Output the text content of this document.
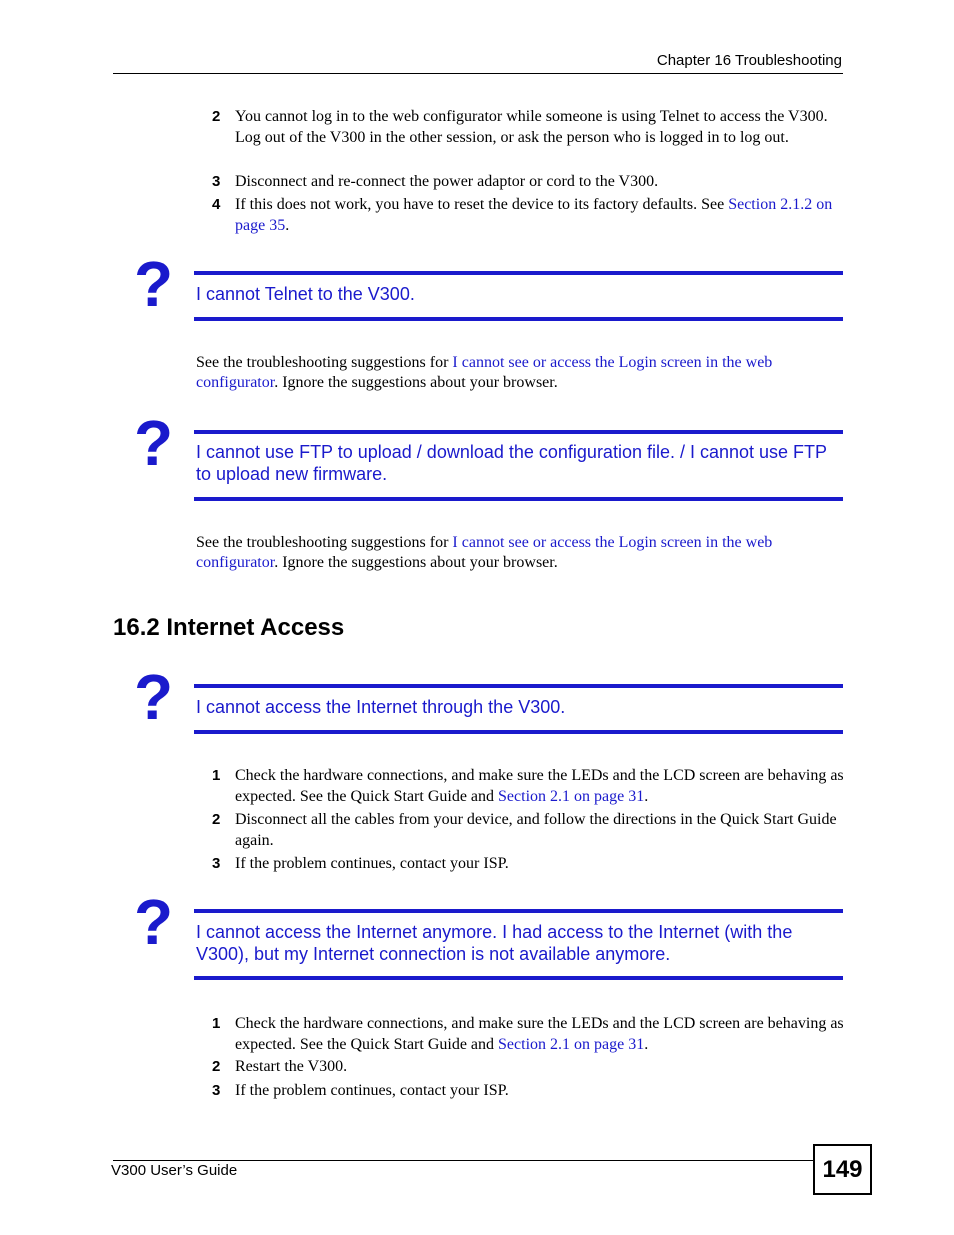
Chapter 16 Troubleshooting
2 You cannot log in to the web configurator while someone is using Telnet to access the V300. Log out of the V300 in the other session, or ask the person who is logged in to log out.
3 Disconnect and re-connect the power adaptor or cord to the V300.
4 If this does not work, you have to reset the device to its factory defaults. See Section 2.1.2 on page 35.
? I cannot Telnet to the V300.
See the troubleshooting suggestions for I cannot see or access the Login screen in the web configurator. Ignore the suggestions about your browser.
? I cannot use FTP to upload / download the configuration file. / I cannot use FTP to upload new firmware.
See the troubleshooting suggestions for I cannot see or access the Login screen in the web configurator. Ignore the suggestions about your browser.
16.2 Internet Access
? I cannot access the Internet through the V300.
1 Check the hardware connections, and make sure the LEDs and the LCD screen are behaving as expected. See the Quick Start Guide and Section 2.1 on page 31.
2 Disconnect all the cables from your device, and follow the directions in the Quick Start Guide again.
3 If the problem continues, contact your ISP.
? I cannot access the Internet anymore. I had access to the Internet (with the V300), but my Internet connection is not available anymore.
1 Check the hardware connections, and make sure the LEDs and the LCD screen are behaving as expected. See the Quick Start Guide and Section 2.1 on page 31.
2 Restart the V300.
3 If the problem continues, contact your ISP.
V300 User’s Guide	149
